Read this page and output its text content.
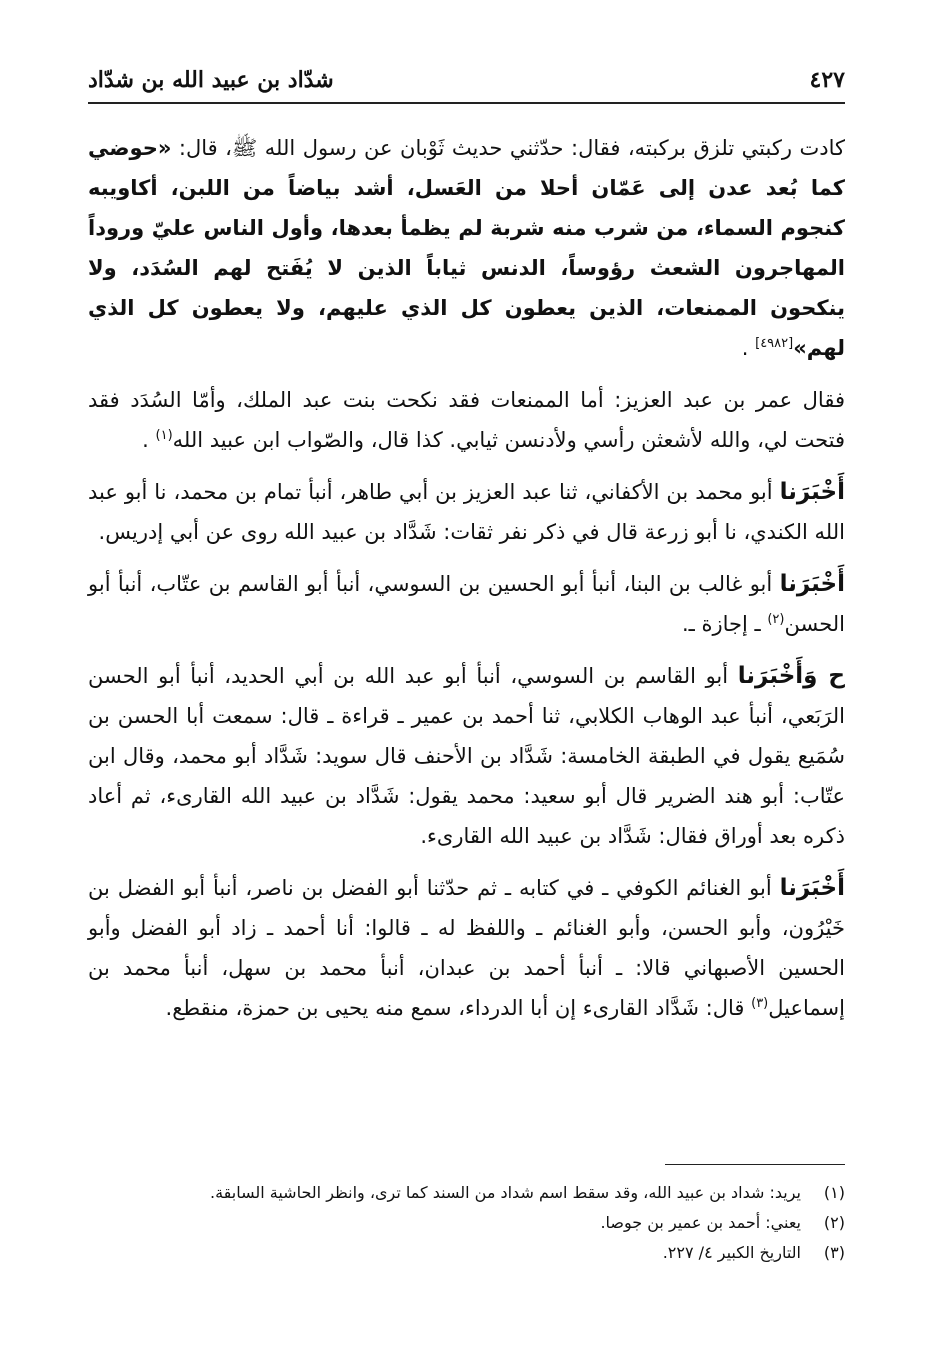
شدّاد بن عبيد الله بن شدّاد	٤٢٧

كادت ركبتي تلزق بركبته، فقال: حدّثني حديث ثَوْبان عن رسول الله ﷺ، قال: «حوضي كما بُعد عدن إلى عَمّان أحلا من العَسل، أشد بياضاً من اللبن، أكاويبه كنجوم السماء، من شرب منه شربة لم يظمأ بعدها، وأول الناس عليّ وروداً المهاجرون الشعث رؤوساً، الدنس ثياباً الذين لا يُفَتح لهم السُدَد، ولا ينكحون الممنعات، الذين يعطون كل الذي عليهم، ولا يعطون كل الذي لهم»[٤٩٨٢] .

فقال عمر بن عبد العزيز: أما الممنعات فقد نكحت بنت عبد الملك، وأمّا السُدَد فقد فتحت لي، والله لأشعثن رأسي ولأدنسن ثيابي. كذا قال، والصّواب ابن عبيد الله$^{(١)}$ .

أَخْبَرَنا أبو محمد بن الأكفاني، ثنا عبد العزيز بن أبي طاهر، أنبأ تمام بن محمد، نا أبو عبد الله الكندي، نا أبو زرعة قال في ذكر نفر ثقات: شَدَّاد بن عبيد الله روى عن أبي إدريس.

أَخْبَرَنا أبو غالب بن البنا، أنبأ أبو الحسين بن السوسي، أنبأ أبو القاسم بن عتّاب، أنبأ أبو الحسن$^{(٢)}$ ـ إجازة ـ.

ح وَأَخْبَرَنا أبو القاسم بن السوسي، أنبأ أبو عبد الله بن أبي الحديد، أنبأ أبو الحسن الرَبَعي، أنبأ عبد الوهاب الكلابي، ثنا أحمد بن عمير ـ قراءة ـ قال: سمعت أبا الحسن بن سُمَيع يقول في الطبقة الخامسة: شَدَّاد بن الأحنف قال سويد: شَدَّاد أبو محمد، وقال ابن عتّاب: أبو هند الضرير قال أبو سعيد: محمد يقول: شَدَّاد بن عبيد الله القارىء، ثم أعاد ذكره بعد أوراق فقال: شَدَّاد بن عبيد الله القارىء.

أَخْبَرَنا أبو الغنائم الكوفي ـ في كتابه ـ ثم حدّثنا أبو الفضل بن ناصر، أنبأ أبو الفضل بن خَيْرُون، وأبو الحسن، وأبو الغنائم ـ واللفظ له ـ قالوا: أنا أحمد ـ زاد أبو الفضل وأبو الحسين الأصبهاني قالا: ـ أنبأ أحمد بن عبدان، أنبأ محمد بن سهل، أنبأ محمد بن إسماعيل$^{(٣)}$ قال: شَدَّاد القارىء إن أبا الدرداء، سمع منه يحيى بن حمزة، منقطع.

(١)
يريد: شداد بن عبيد الله، وقد سقط اسم شداد من السند كما ترى، وانظر الحاشية السابقة.
(٢)
يعني: أحمد بن عمير بن جوصا.
(٣)
التاريخ الكبير ٤/ ٢٢٧.
